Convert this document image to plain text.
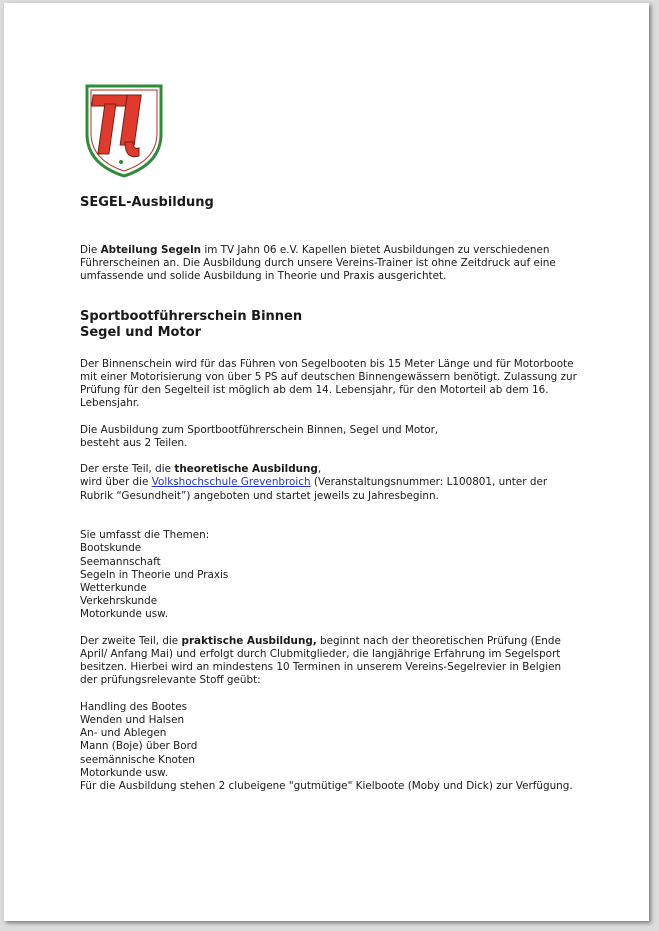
SEGEL-Ausbildung

Die Abteilung Segeln im TV Jahn 06 e.V. Kapellen bietet Ausbildungen zu verschiedenen Führerscheinen an. Die Ausbildung durch unsere Vereins-Trainer ist ohne Zeitdruck auf eine umfassende und solide Ausbildung in Theorie und Praxis ausgerichtet.

Sportbootführerschein Binnen
Segel und Motor

Der Binnenschein wird für das Führen von Segelbooten bis 15 Meter Länge und für Motorboote mit einer Motorisierung von über 5 PS auf deutschen Binnengewässern benötigt. Zulassung zur Prüfung für den Segelteil ist möglich ab dem 14. Lebensjahr, für den Motorteil ab dem 16. Lebensjahr.

Die Ausbildung zum Sportbootführerschein Binnen, Segel und Motor,
besteht aus 2 Teilen.

Der erste Teil, die theoretische Ausbildung,
wird über die Volkshochschule Grevenbroich (Veranstaltungsnummer: L100801, unter der Rubrik “Gesundheit”) angeboten und startet jeweils zu Jahresbeginn.

Sie umfasst die Themen:

Bootskunde
Seemannschaft
Segeln in Theorie und Praxis
Wetterkunde
Verkehrskunde
Motorkunde usw.

Der zweite Teil, die praktische Ausbildung, beginnt nach der theoretischen Prüfung (Ende April/ Anfang Mai) und erfolgt durch Clubmitglieder, die langjährige Erfahrung im Segelsport besitzen. Hierbei wird an mindestens 10 Terminen in unserem Vereins-Segelrevier in Belgien der prüfungsrelevante Stoff geübt:

Handling des Bootes
Wenden und Halsen
An- und Ablegen
Mann (Boje) über Bord
seemännische Knoten
Motorkunde usw.

Für die Ausbildung stehen 2 clubeigene "gutmütige" Kielboote (Moby und Dick) zur Verfügung.
